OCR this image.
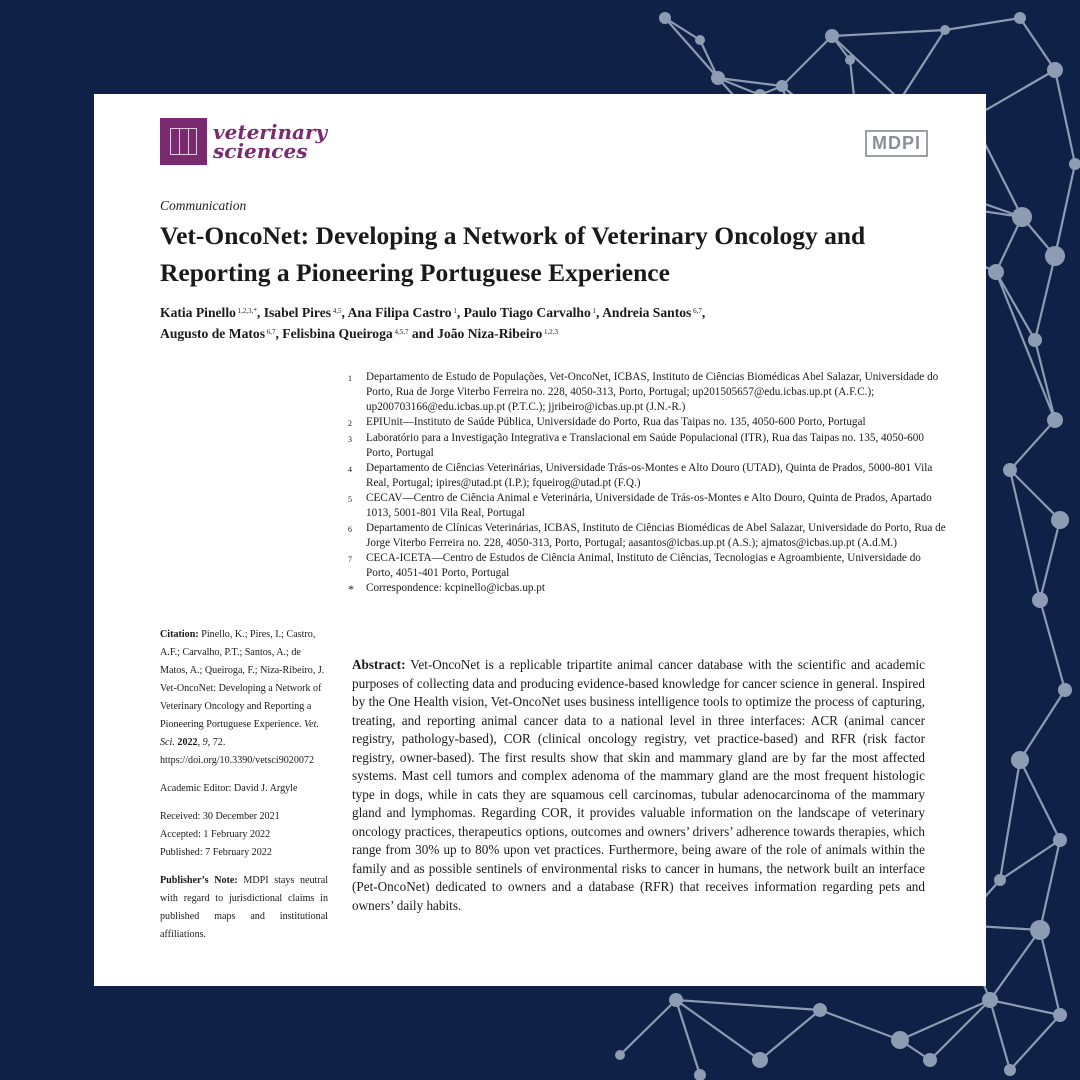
veterinary
sciences	MDPI
Communication
Vet-OncoNet: Developing a Network of Veterinary Oncology and Reporting a Pioneering Portuguese Experience
Katia Pinello $^{1,2,3,*}$, Isabel Pires $^{4,5}$, Ana Filipa Castro $^1$, Paulo Tiago Carvalho $^1$, Andreia Santos $^{6,7}$,
Augusto de Matos $^{6,7}$, Felisbina Queiroga $^{4,5,7}$ and João Niza-Ribeiro $^{1,2,3}$
1	Departamento de Estudo de Populações, Vet-OncoNet, ICBAS, Instituto de Ciências Biomédicas Abel Salazar, Universidade do Porto, Rua de Jorge Viterbo Ferreira no. 228, 4050-313, Porto, Portugal; up201505657@edu.icbas.up.pt (A.F.C.); up200703166@edu.icbas.up.pt (P.T.C.); jjribeiro@icbas.up.pt (J.N.-R.)
2	EPIUnit—Instituto de Saúde Pública, Universidade do Porto, Rua das Taipas no. 135, 4050-600 Porto, Portugal
3	Laboratório para a Investigação Integrativa e Translacional em Saúde Populacional (ITR), Rua das Taipas no. 135, 4050-600 Porto, Portugal
4	Departamento de Ciências Veterinárias, Universidade Trás-os-Montes e Alto Douro (UTAD), Quinta de Prados, 5000-801 Vila Real, Portugal; ipires@utad.pt (I.P.); fqueirog@utad.pt (F.Q.)
5	CECAV—Centro de Ciência Animal e Veterinária, Universidade de Trás-os-Montes e Alto Douro, Quinta de Prados, Apartado 1013, 5001-801 Vila Real, Portugal
6	Departamento de Clínicas Veterinárias, ICBAS, Instituto de Ciências Biomédicas de Abel Salazar, Universidade do Porto, Rua de Jorge Viterbo Ferreira no. 228, 4050-313, Porto, Portugal; aasantos@icbas.up.pt (A.S.); ajmatos@icbas.up.pt (A.d.M.)
7	CECA-ICETA—Centro de Estudos de Ciência Animal, Instituto de Ciências, Tecnologias e Agroambiente, Universidade do Porto, 4051-401 Porto, Portugal
*	Correspondence: kcpinello@icbas.up.pt

Citation: Pinello, K.; Pires, I.; Castro, A.F.; Carvalho, P.T.; Santos, A.; de Matos, A.; Queiroga, F.; Niza-Ribeiro, J. Vet-OncoNet: Developing a Network of Veterinary Oncology and Reporting a Pioneering Portuguese Experience. Vet. Sci. 2022, 9, 72. https://doi.org/10.3390/vetsci9020072

Academic Editor: David J. Argyle

Received: 30 December 2021

Accepted: 1 February 2022

Published: 7 February 2022

Publisher’s Note: MDPI stays neutral with regard to jurisdictional claims in published maps and institutional affiliations.

Abstract: Vet-OncoNet is a replicable tripartite animal cancer database with the scientific and academic purposes of collecting data and producing evidence-based knowledge for cancer science in general. Inspired by the One Health vision, Vet-OncoNet uses business intelligence tools to optimize the process of capturing, treating, and reporting animal cancer data to a national level in three interfaces: ACR (animal cancer registry, pathology-based), COR (clinical oncology registry, vet practice-based) and RFR (risk factor registry, owner-based). The first results show that skin and mammary gland are by far the most affected systems. Mast cell tumors and complex adenoma of the mammary gland are the most frequent histologic type in dogs, while in cats they are squamous cell carcinomas, tubular adenocarcinoma of the mammary gland and lymphomas. Regarding COR, it provides valuable information on the landscape of veterinary oncology practices, therapeutics options, outcomes and owners’ drivers’ adherence towards therapies, which range from 30% up to 80% upon vet practices. Furthermore, being aware of the role of animals within the family and as possible sentinels of environmental risks to cancer in humans, the network built an interface (Pet-OncoNet) dedicated to owners and a database (RFR) that receives information regarding pets and owners’ daily habits.
